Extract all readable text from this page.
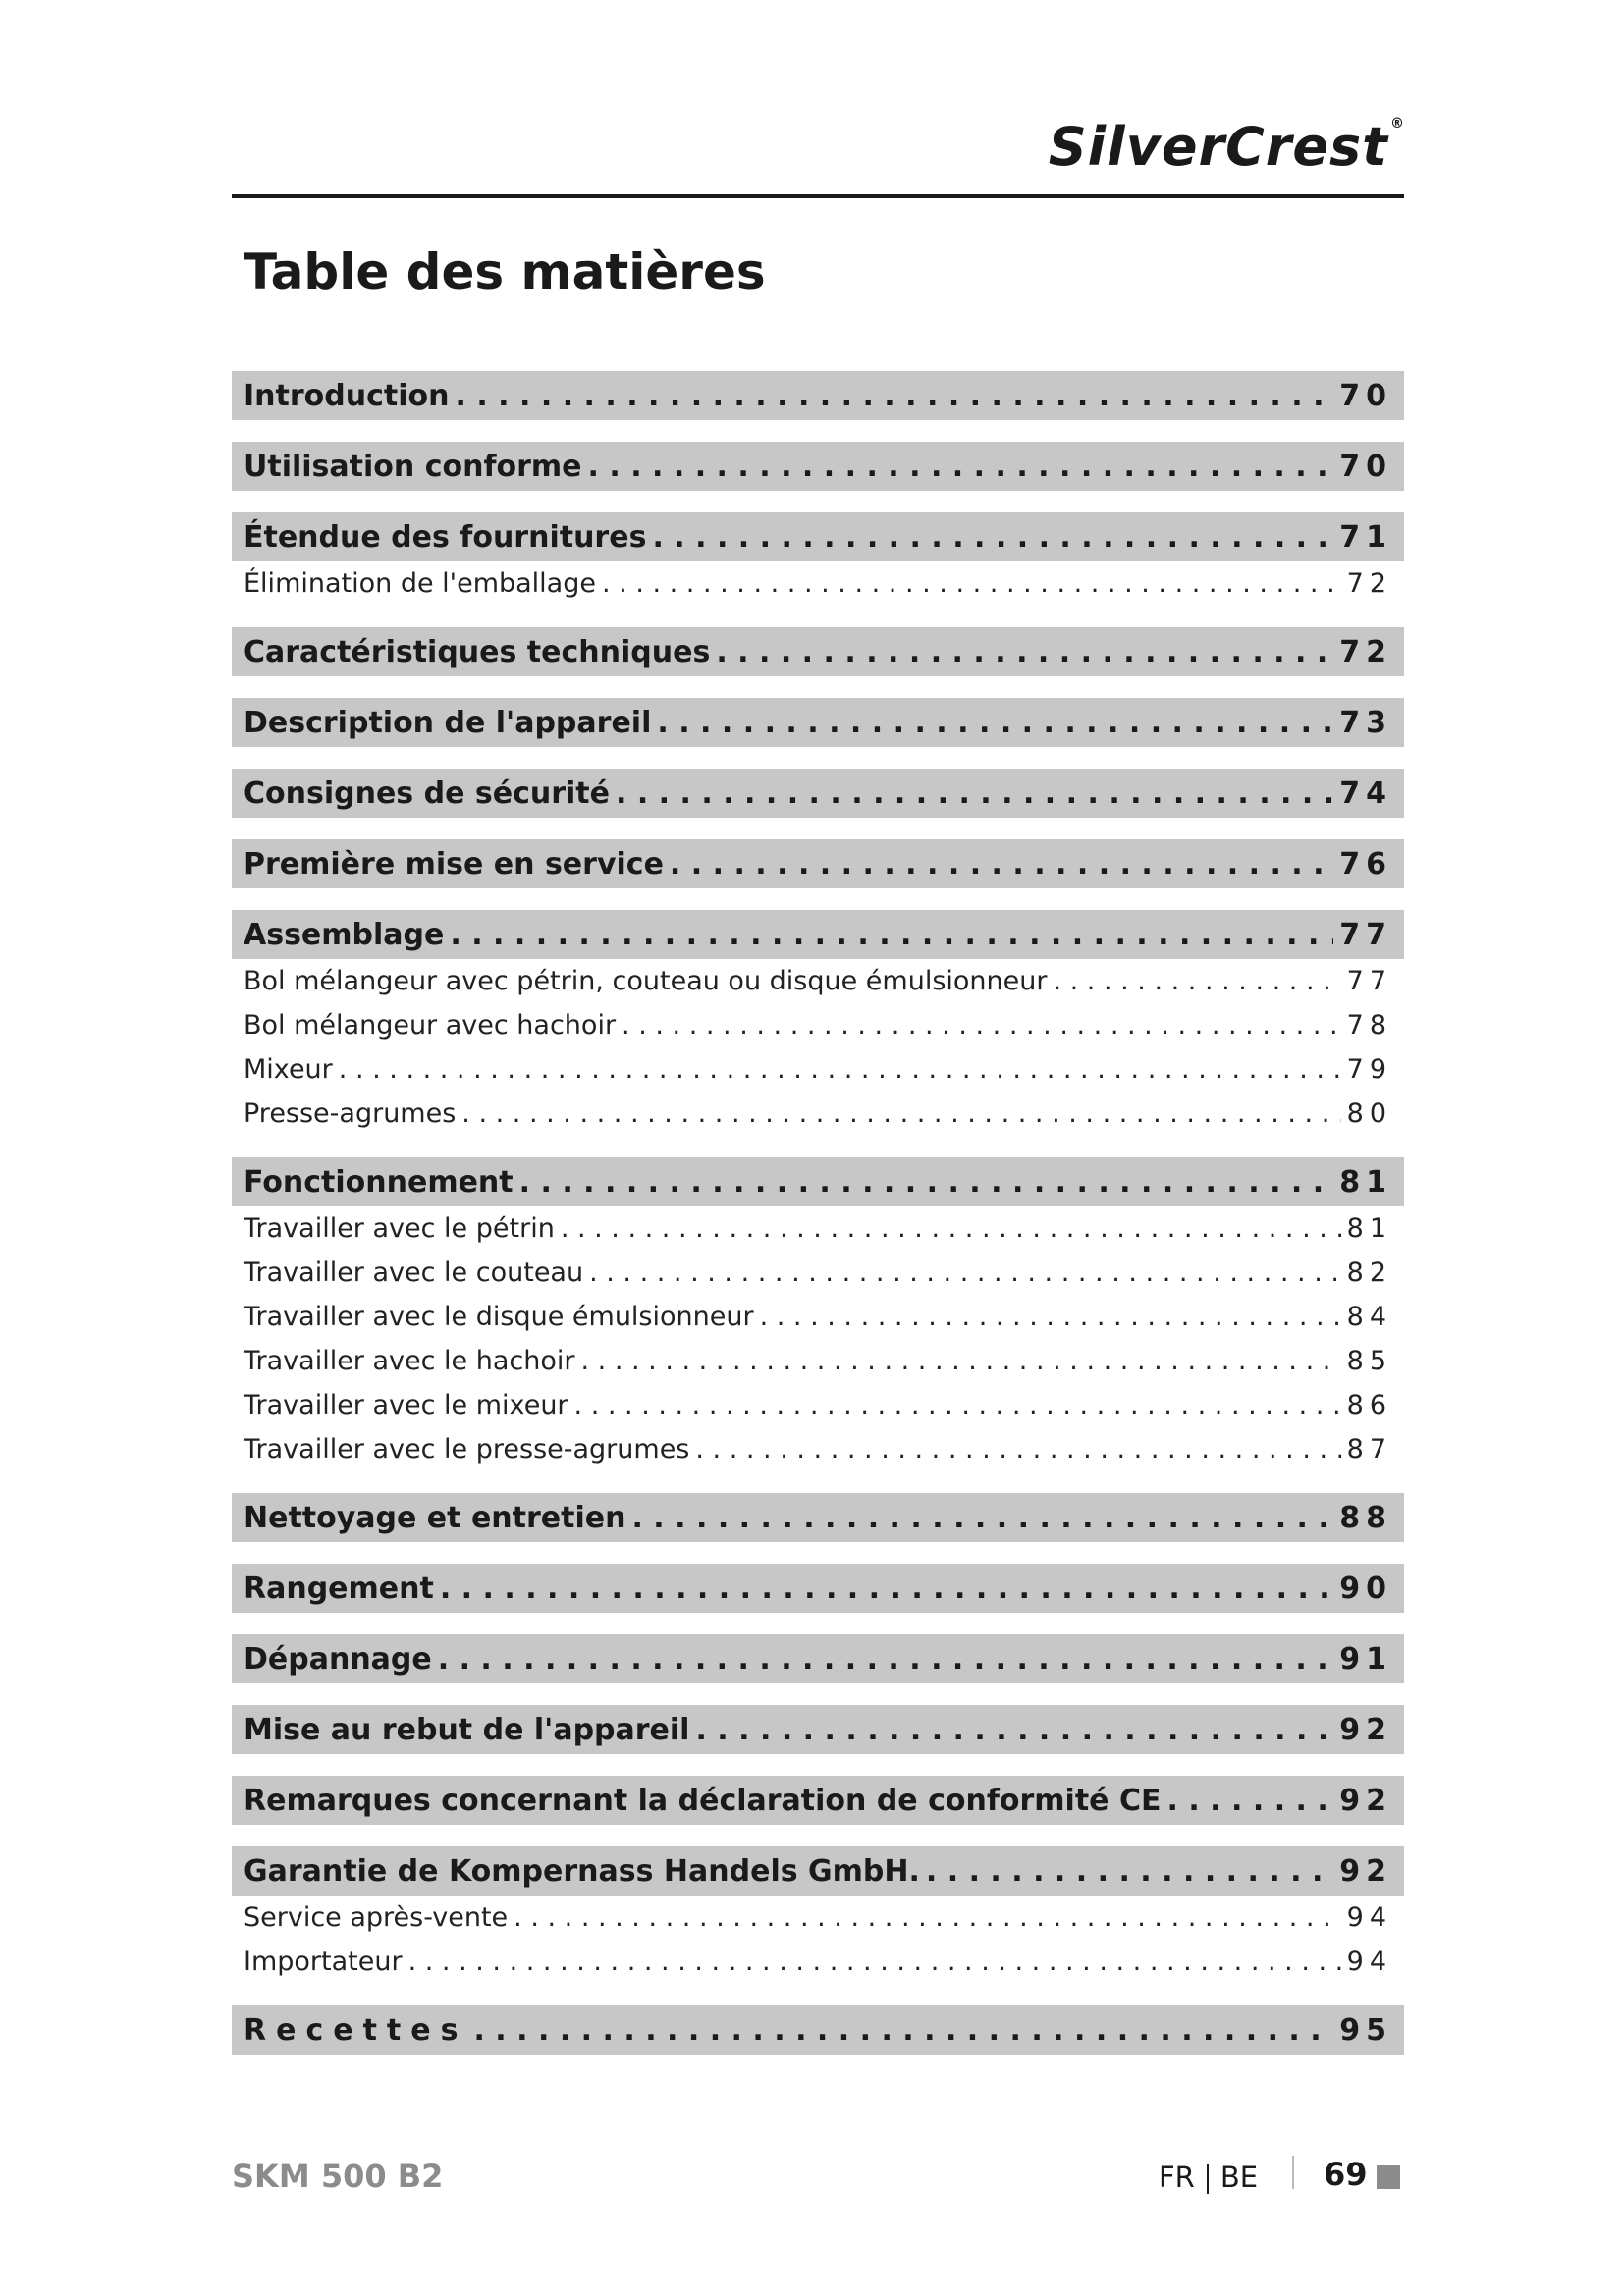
SilverCrest ®
Table des matières
Introduction . . .	70
Utilisation conforme . . .	70
Étendue des fournitures . . .	71
Élimination de l'emballage . . .	72
Caractéristiques techniques . . .	72
Description de l'appareil . . .	73
Consignes de sécurité . . .	74
Première mise en service . . .	76
Assemblage . . .	77
Bol mélangeur avec pétrin, couteau ou disque émulsionneur . . .	77
Bol mélangeur avec hachoir . . .	78
Mixeur . . .	79
Presse-agrumes . . .	80
Fonctionnement . . .	81
Travailler avec le pétrin . . .	81
Travailler avec le couteau . . .	82
Travailler avec le disque émulsionneur . . .	84
Travailler avec le hachoir . . .	85
Travailler avec le mixeur . . .	86
Travailler avec le presse-agrumes . . .	87
Nettoyage et entretien . . .	88
Rangement . . .	90
Dépannage . . .	91
Mise au rebut de l'appareil . . .	92
Remarques concernant la déclaration de conformité CE . . .	92
Garantie de Kompernass Handels GmbH. . . .	92
Service après-vente . . .	94
Importateur . . .	94
Recettes . . .	95
SKM 500 B2	FR BE 69
